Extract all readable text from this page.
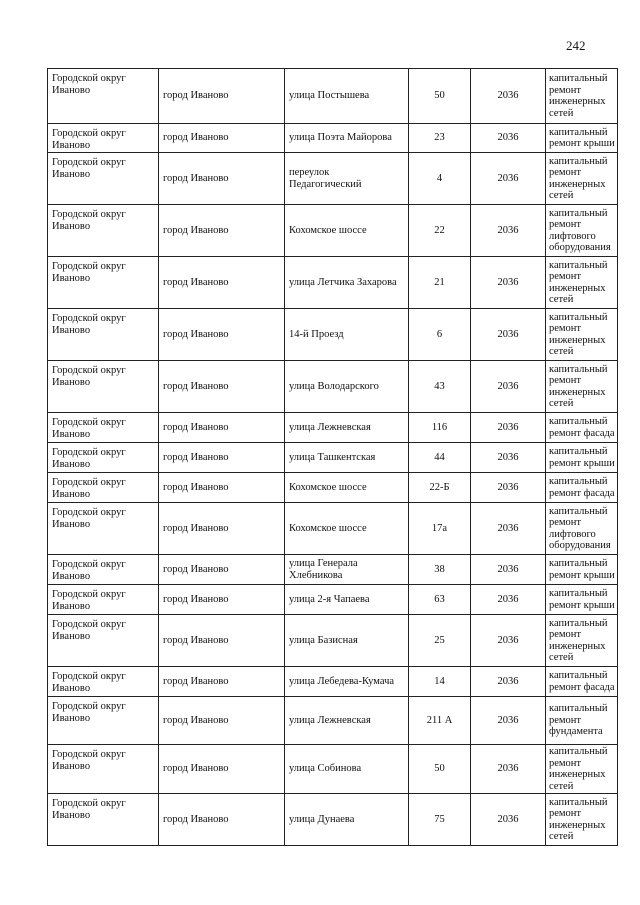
242
Городской округ Иваново	город Иваново	улица Постышева	50	2036	капитальный ремонт инженерных сетей
Городской округ Иваново	город Иваново	улица Поэта Майорова	23	2036	капитальный ремонт крыши
Городской округ Иваново	город Иваново	переулок Педагогический	4	2036	капитальный ремонт инженерных сетей
Городской округ Иваново	город Иваново	Кохомское шоссе	22	2036	капитальный ремонт лифтового оборудования
Городской округ Иваново	город Иваново	улица Летчика Захарова	21	2036	капитальный ремонт инженерных сетей
Городской округ Иваново	город Иваново	14-й Проезд	6	2036	капитальный ремонт инженерных сетей
Городской округ Иваново	город Иваново	улица Володарского	43	2036	капитальный ремонт инженерных сетей
Городской округ Иваново	город Иваново	улица Лежневская	116	2036	капитальный ремонт фасада
Городской округ Иваново	город Иваново	улица Ташкентская	44	2036	капитальный ремонт крыши
Городской округ Иваново	город Иваново	Кохомское шоссе	22-Б	2036	капитальный ремонт фасада
Городской округ Иваново	город Иваново	Кохомское шоссе	17а	2036	капитальный ремонт лифтового оборудования
Городской округ Иваново	город Иваново	улица Генерала Хлебникова	38	2036	капитальный ремонт крыши
Городской округ Иваново	город Иваново	улица 2-я Чапаева	63	2036	капитальный ремонт крыши
Городской округ Иваново	город Иваново	улица Базисная	25	2036	капитальный ремонт инженерных сетей
Городской округ Иваново	город Иваново	улица Лебедева-Кумача	14	2036	капитальный ремонт фасада
Городской округ Иваново	город Иваново	улица Лежневская	211 А	2036	капитальный ремонт фундамента
Городской округ Иваново	город Иваново	улица Собинова	50	2036	капитальный ремонт инженерных сетей
Городской округ Иваново	город Иваново	улица Дунаева	75	2036	капитальный ремонт инженерных сетей
